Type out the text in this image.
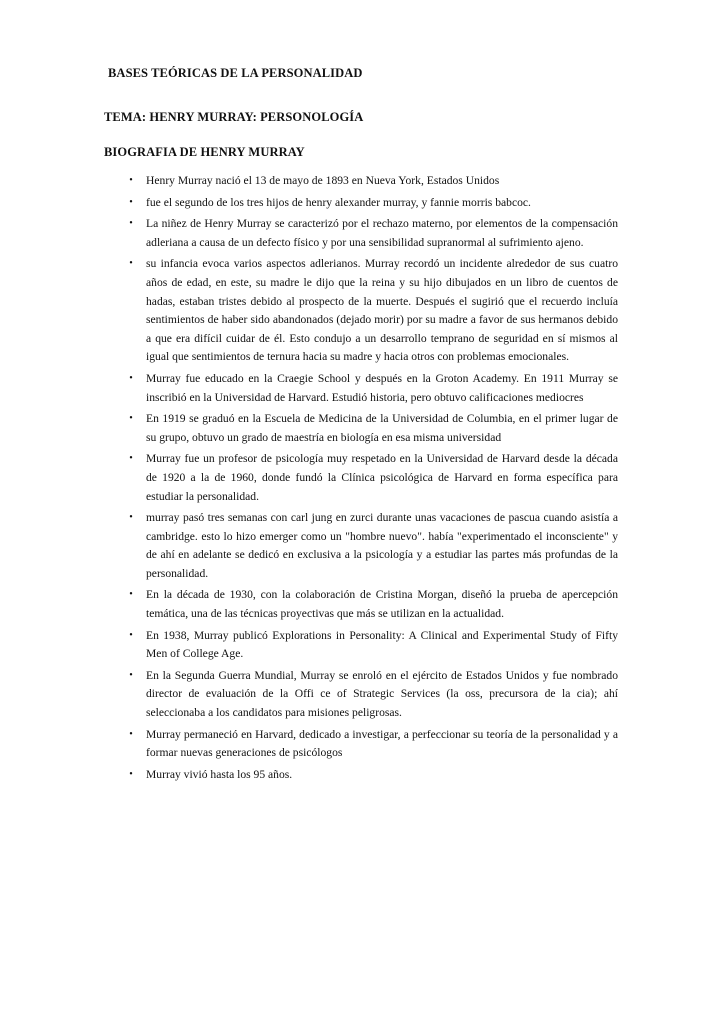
BASES TEÓRICAS DE LA PERSONALIDAD
TEMA: HENRY MURRAY: PERSONOLOGÍA
BIOGRAFIA DE HENRY MURRAY
•	Henry Murray nació el 13 de mayo de 1893 en Nueva York, Estados Unidos
•	fue el segundo de los tres hijos de henry alexander murray, y fannie morris babcoc.
•	La niñez de Henry Murray se caracterizó por el rechazo materno, por elementos de la compensación adleriana a causa de un defecto físico y por una sensibilidad supranormal al sufrimiento ajeno.
•	su infancia evoca varios aspectos adlerianos. Murray recordó un incidente alrededor de sus cuatro años de edad, en este, su madre le dijo que la reina y su hijo dibujados en un libro de cuentos de hadas, estaban tristes debido al prospecto de la muerte. Después el sugirió que el recuerdo incluía sentimientos de haber sido abandonados (dejado morir) por su madre a favor de sus hermanos debido a que era difícil cuidar de él. Esto condujo a un desarrollo temprano de seguridad en sí mismos al igual que sentimientos de ternura hacia su madre y hacia otros con problemas emocionales.
•	Murray fue educado en la Craegie School y después en la Groton Academy. En 1911 Murray se inscribió en la Universidad de Harvard. Estudió historia, pero obtuvo calificaciones mediocres
•	En 1919 se graduó en la Escuela de Medicina de la Universidad de Columbia, en el primer lugar de su grupo, obtuvo un grado de maestría en biología en esa misma universidad
•	Murray fue un profesor de psicología muy respetado en la Universidad de Harvard desde la década de 1920 a la de 1960, donde fundó la Clínica psicológica de Harvard en forma específica para estudiar la personalidad.
•	murray pasó tres semanas con carl jung en zurci durante unas vacaciones de pascua cuando asistía a cambridge. esto lo hizo emerger como un "hombre nuevo". había "experimentado el inconsciente" y de ahí en adelante se dedicó en exclusiva a la psicología y a estudiar las partes más profundas de la personalidad.
•	En la década de 1930, con la colaboración de Cristina Morgan, diseñó la prueba de apercepción temática, una de las técnicas proyectivas que más se utilizan en la actualidad.
•	En 1938, Murray publicó Explorations in Personality: A Clinical and Experimental Study of Fifty Men of College Age.
•	En la Segunda Guerra Mundial, Murray se enroló en el ejército de Estados Unidos y fue nombrado director de evaluación de la Offi ce of Strategic Services (la oss, precursora de la cia); ahí seleccionaba a los candidatos para misiones peligrosas.
•	Murray permaneció en Harvard, dedicado a investigar, a perfeccionar su teoría de la personalidad y a formar nuevas generaciones de psicólogos
•	Murray vivió hasta los 95 años.
